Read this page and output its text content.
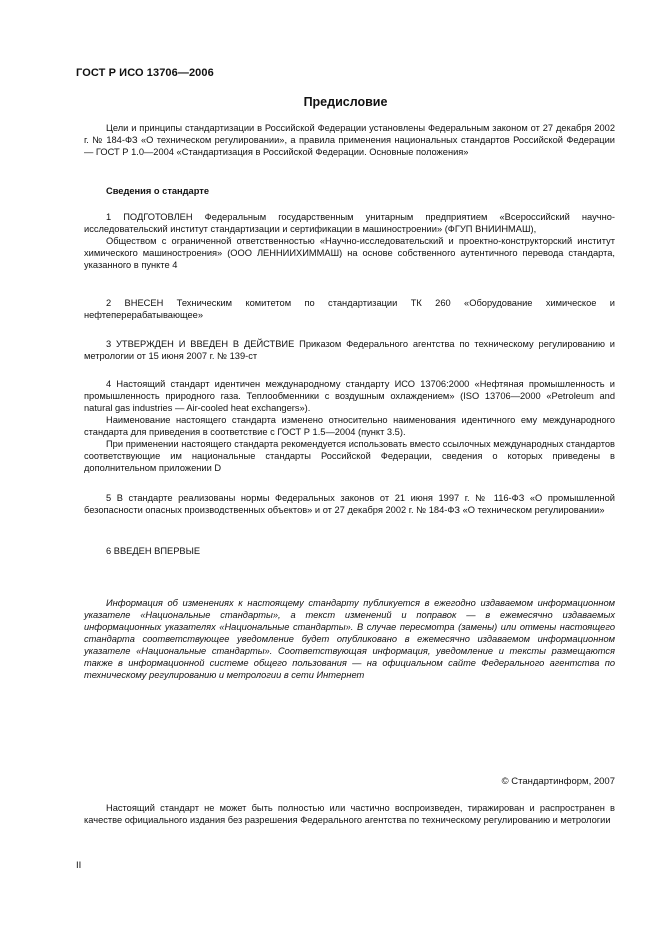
ГОСТ Р ИСО 13706—2006
Предисловие

Цели и принципы стандартизации в Российской Федерации установлены Федеральным законом от 27 декабря 2002 г. № 184-ФЗ «О техническом регулировании», а правила применения национальных стандартов Российской Федерации — ГОСТ Р 1.0—2004 «Стандартизация в Российской Федерации. Основные положения»

Сведения о стандарте

1 ПОДГОТОВЛЕН Федеральным государственным унитарным предприятием «Всероссийский научно-исследовательский институт стандартизации и сертификации в машиностроении» (ФГУП ВНИИНМАШ),

Обществом с ограниченной ответственностью «Научно-исследовательский и проектно-конструкторский институт химического машиностроения» (ООО ЛЕННИИХИММАШ) на основе собственного аутентичного перевода стандарта, указанного в пункте 4

2 ВНЕСЕН Техническим комитетом по стандартизации ТК 260 «Оборудование химическое и нефтеперерабатывающее»

3 УТВЕРЖДЕН И ВВЕДЕН В ДЕЙСТВИЕ Приказом Федерального агентства по техническому регулированию и метрологии от 15 июня 2007 г. № 139-ст

4 Настоящий стандарт идентичен международному стандарту ИСО 13706:2000 «Нефтяная промышленность и промышленность природного газа. Теплообменники с воздушным охлаждением» (ISO 13706—2000 «Petroleum and natural gas industries — Air-cooled heat exchangers»).

Наименование настоящего стандарта изменено относительно наименования идентичного ему международного стандарта для приведения в соответствие с ГОСТ Р 1.5—2004 (пункт 3.5).

При применении настоящего стандарта рекомендуется использовать вместо ссылочных международных стандартов соответствующие им национальные стандарты Российской Федерации, сведения о которых приведены в дополнительном приложении D

5 В стандарте реализованы нормы Федеральных законов от 21 июня 1997 г. № 116-ФЗ «О промышленной безопасности опасных производственных объектов» и от 27 декабря 2002 г. № 184-ФЗ «О техническом регулировании»

6 ВВЕДЕН ВПЕРВЫЕ

Информация об изменениях к настоящему стандарту публикуется в ежегодно издаваемом информационном указателе «Национальные стандарты», а текст изменений и поправок — в ежемесячно издаваемых информационных указателях «Национальные стандарты». В случае пересмотра (замены) или отмены настоящего стандарта соответствующее уведомление будет опубликовано в ежемесячно издаваемом информационном указателе «Национальные стандарты». Соответствующая информация, уведомление и тексты размещаются также в информационной системе общего пользования — на официальном сайте Федерального агентства по техническому регулированию и метрологии в сети Интернет

© Стандартинформ, 2007

Настоящий стандарт не может быть полностью или частично воспроизведен, тиражирован и распространен в качестве официального издания без разрешения Федерального агентства по техническому регулированию и метрологии

II
